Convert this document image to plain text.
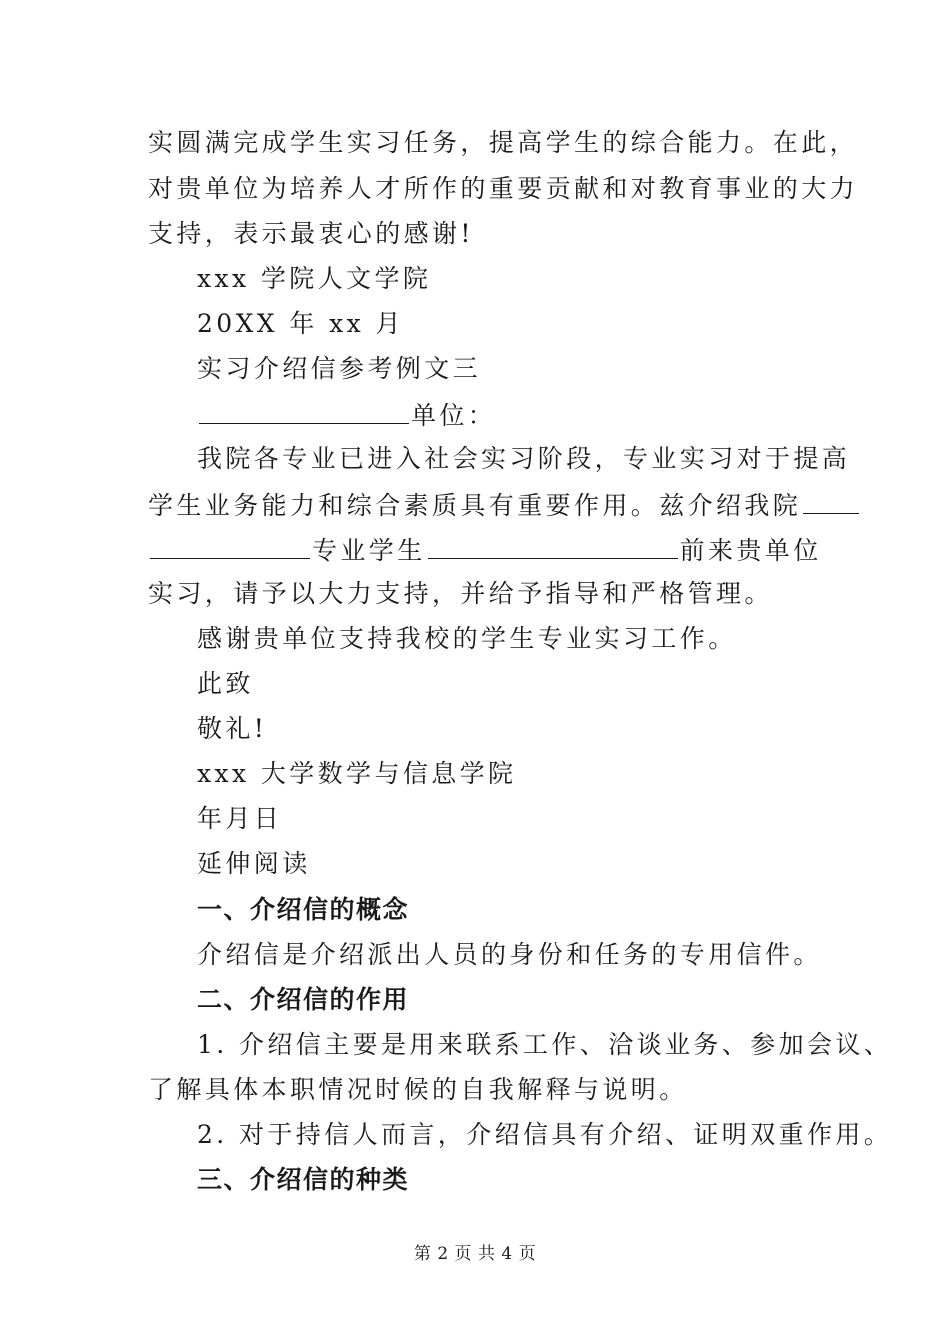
实圆满完成学生实习任务，提高学生的综合能力。在此，
对贵单位为培养人才所作的重要贡献和对教育事业的大力
支持，表示最衷心的感谢!
xxx 学院人文学院
20XX 年 xx 月
实习介绍信参考例文三
单位：
我院各专业已进入社会实习阶段，专业实习对于提高
学生业务能力和综合素质具有重要作用。兹介绍我院
专业学生	前来贵单位
实习，请予以大力支持，并给予指导和严格管理。
感谢贵单位支持我校的学生专业实习工作。
此致
敬礼!
xxx 大学数学与信息学院
年月日
延伸阅读
一、介绍信的概念
介绍信是介绍派出人员的身份和任务的专用信件。
二、介绍信的作用
1. 介绍信主要是用来联系工作、洽谈业务、参加会议、
了解具体本职情况时候的自我解释与说明。
2. 对于持信人而言，介绍信具有介绍、证明双重作用。
三、介绍信的种类
第 2 页 共 4 页
